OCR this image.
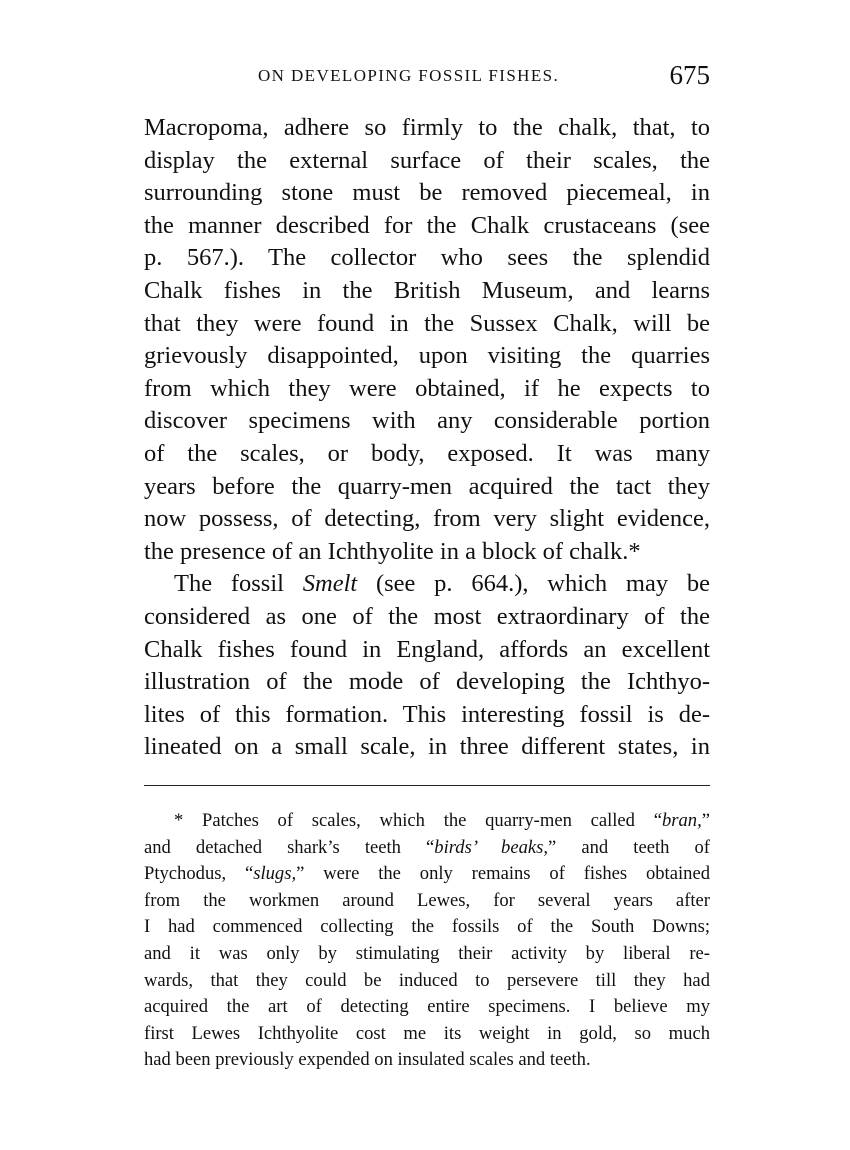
ON DEVELOPING FOSSIL FISHES.	675
Macropoma, adhere so firmly to the chalk, that, to
display the external surface of their scales, the
surrounding stone must be removed piecemeal, in
the manner described for the Chalk crustaceans (see
p. 567.). The collector who sees the splendid
Chalk fishes in the British Museum, and learns
that they were found in the Sussex Chalk, will be
grievously disappointed, upon visiting the quarries
from which they were obtained, if he expects to
discover specimens with any considerable portion
of the scales, or body, exposed. It was many
years before the quarry-men acquired the tact they
now possess, of detecting, from very slight evidence,
the presence of an Ichthyolite in a block of chalk.*
The fossil Smelt (see p. 664.), which may be
considered as one of the most extraordinary of the
Chalk fishes found in England, affords an excellent
illustration of the mode of developing the Ichthyo-
lites of this formation. This interesting fossil is de-
lineated on a small scale, in three different states, in
* Patches of scales, which the quarry-men called “bran,”
and detached shark’s teeth “birds’ beaks,” and teeth of
Ptychodus, “slugs,” were the only remains of fishes obtained
from the workmen around Lewes, for several years after
I had commenced collecting the fossils of the South Downs;
and it was only by stimulating their activity by liberal re-
wards, that they could be induced to persevere till they had
acquired the art of detecting entire specimens. I believe my
first Lewes Ichthyolite cost me its weight in gold, so much
had been previously expended on insulated scales and teeth.
